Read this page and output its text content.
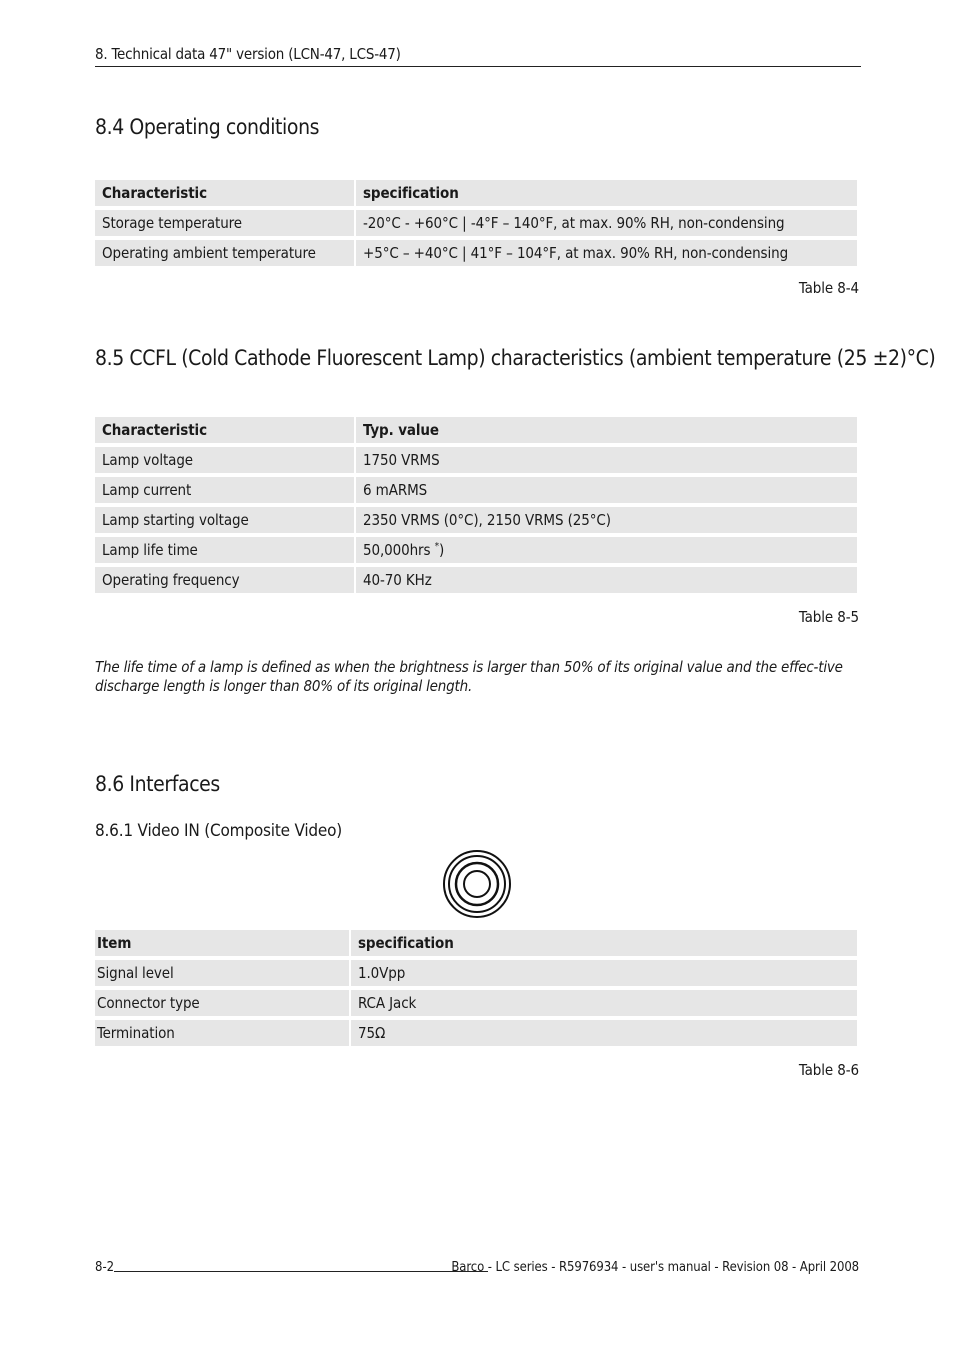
8. Technical data 47" version (LCN-47, LCS-47)
8.4 Operating conditions
Characteristic	specification
Storage temperature	-20°C - +60°C | -4°F – 140°F, at max. 90% RH, non-condensing
Operating ambient temperature	+5°C – +40°C | 41°F – 104°F, at max. 90% RH, non-condensing
Table 8-4
8.5 CCFL (Cold Cathode Fluorescent Lamp) characteristics (ambient temperature (25 ±2)°C)
Characteristic	Typ. value
Lamp voltage	1750 VRMS
Lamp current	6 mARMS
Lamp starting voltage	2350 VRMS (0°C), 2150 VRMS (25°C)
Lamp life time	50,000hrs *)
Operating frequency	40-70 KHz
Table 8-5
The life time of a lamp is defined as when the brightness is larger than 50% of its original value and the effec-tive discharge length is longer than 80% of its original length.
8.6 Interfaces
8.6.1 Video IN (Composite Video)
Item	specification
Signal level	1.0Vpp
Connector type	RCA Jack
Termination	75Ω
Table 8-6
8-2	Barco - LC series - R5976934 - user's manual - Revision 08 - April 2008
